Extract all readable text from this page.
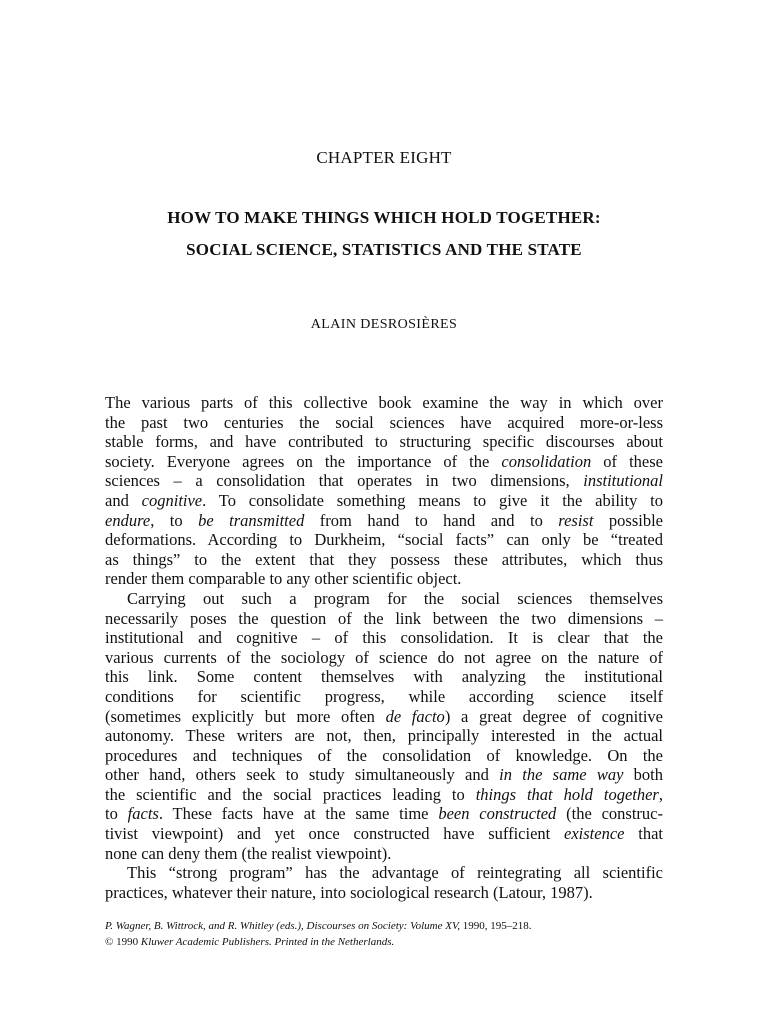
CHAPTER EIGHT
HOW TO MAKE THINGS WHICH HOLD TOGETHER:
SOCIAL SCIENCE, STATISTICS AND THE STATE
ALAIN DESROSIÈRES
The various parts of this collective book examine the way in which over
the past two centuries the social sciences have acquired more-or-less
stable forms, and have contributed to structuring specific discourses about
society. Everyone agrees on the importance of the consolidation of these
sciences – a consolidation that operates in two dimensions, institutional
and cognitive. To consolidate something means to give it the ability to
endure, to be transmitted from hand to hand and to resist possible
deformations. According to Durkheim, “social facts” can only be “treated
as things” to the extent that they possess these attributes, which thus
render them comparable to any other scientific object.
Carrying out such a program for the social sciences themselves
necessarily poses the question of the link between the two dimensions –
institutional and cognitive – of this consolidation. It is clear that the
various currents of the sociology of science do not agree on the nature of
this link. Some content themselves with analyzing the institutional
conditions for scientific progress, while according science itself
(sometimes explicitly but more often de facto) a great degree of cognitive
autonomy. These writers are not, then, principally interested in the actual
procedures and techniques of the consolidation of knowledge. On the
other hand, others seek to study simultaneously and in the same way both
the scientific and the social practices leading to things that hold together,
to facts. These facts have at the same time been constructed (the construc-
tivist viewpoint) and yet once constructed have sufficient existence that
none can deny them (the realist viewpoint).
This “strong program” has the advantage of reintegrating all scientific
practices, whatever their nature, into sociological research (Latour, 1987).
P. Wagner, B. Wittrock, and R. Whitley (eds.), Discourses on Society: Volume XV, 1990, 195–218.
© 1990 Kluwer Academic Publishers. Printed in the Netherlands.
